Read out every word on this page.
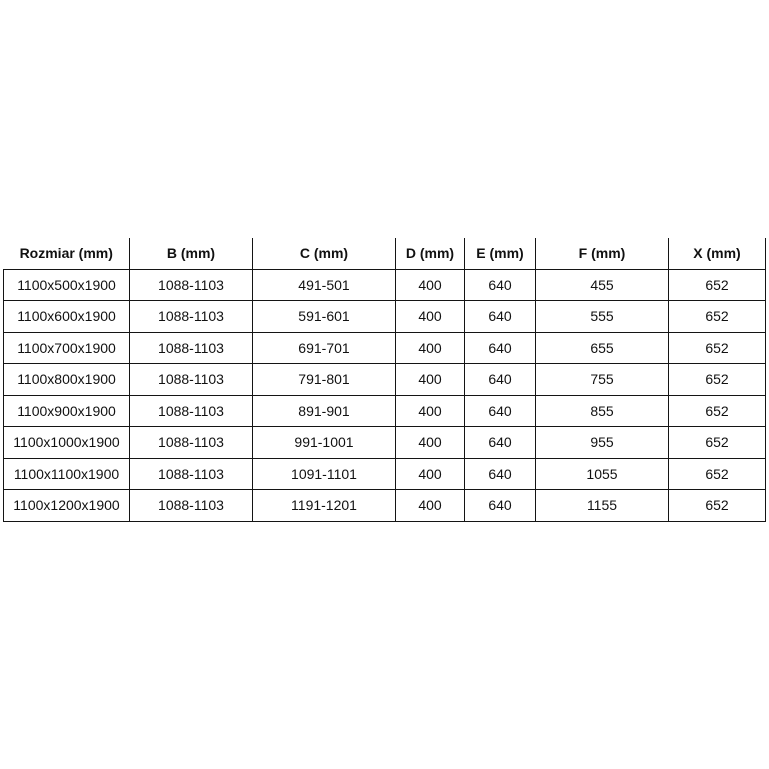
Rozmiar (mm)	B (mm)	C (mm)	D (mm)	E (mm)	F (mm)	X (mm)
1100x500x1900	1088-1103	491-501	400	640	455	652
1100x600x1900	1088-1103	591-601	400	640	555	652
1100x700x1900	1088-1103	691-701	400	640	655	652
1100x800x1900	1088-1103	791-801	400	640	755	652
1100x900x1900	1088-1103	891-901	400	640	855	652
1100x1000x1900	1088-1103	991-1001	400	640	955	652
1100x1100x1900	1088-1103	1091-1101	400	640	1055	652
1100x1200x1900	1088-1103	1191-1201	400	640	1155	652
